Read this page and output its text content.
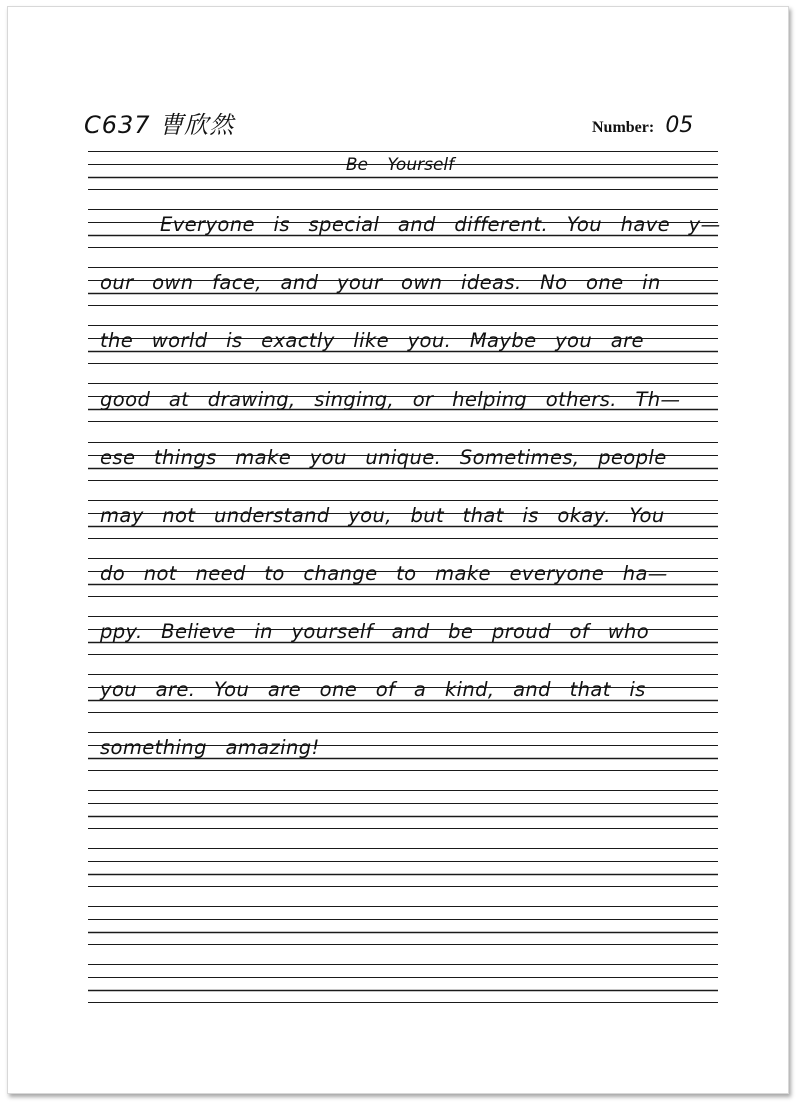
C637 曹欣然	Number: 05
Be Yourself
Everyone is special and different. You have y—
our own face, and your own ideas. No one in
the world is exactly like you. Maybe you are
good at drawing, singing, or helping others. Th—
ese things make you unique. Sometimes, people
may not understand you, but that is okay. You
do not need to change to make everyone ha—
ppy. Believe in yourself and be proud of who
you are. You are one of a kind, and that is
something amazing!
